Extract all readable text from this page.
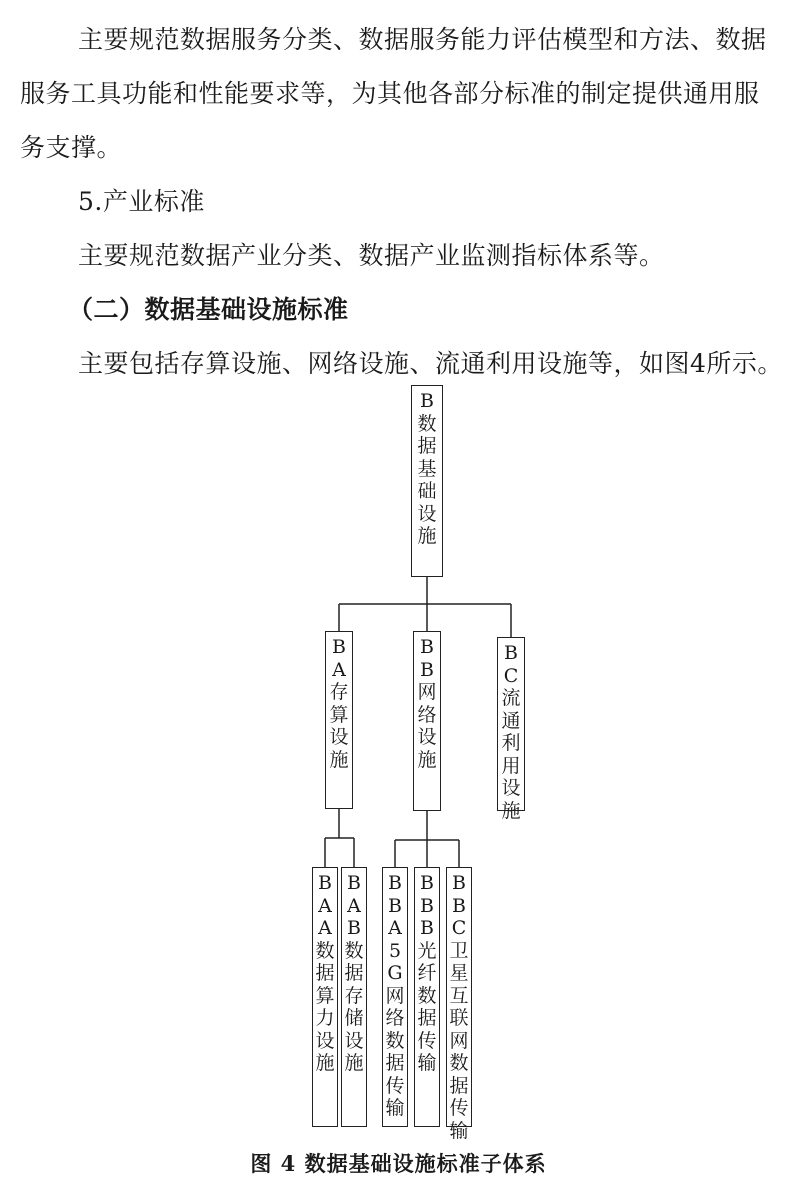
主要规范数据服务分类、数据服务能力评估模型和方法、数据
服务工具功能和性能要求等，为其他各部分标准的制定提供通用服
务支撑。
5.产业标准
主要规范数据产业分类、数据产业监测指标体系等。
（二）数据基础设施标准
主要包括存算设施、网络设施、流通利用设施等，如图4所示。
B
数
据
基
础
设
施
B
A
存
算
设
施
B
B
网
络
设
施
B
C
流
通
利
用
设
施
B
A
A
数
据
算
力
设
施
B
A
B
数
据
存
储
设
施
B
B
A
5
G
网
络
数
据
传
输
B
B
B
光
纤
数
据
传
输
B
B
C
卫
星
互
联
网
数
据
传
输
图 4 数据基础设施标准子体系
